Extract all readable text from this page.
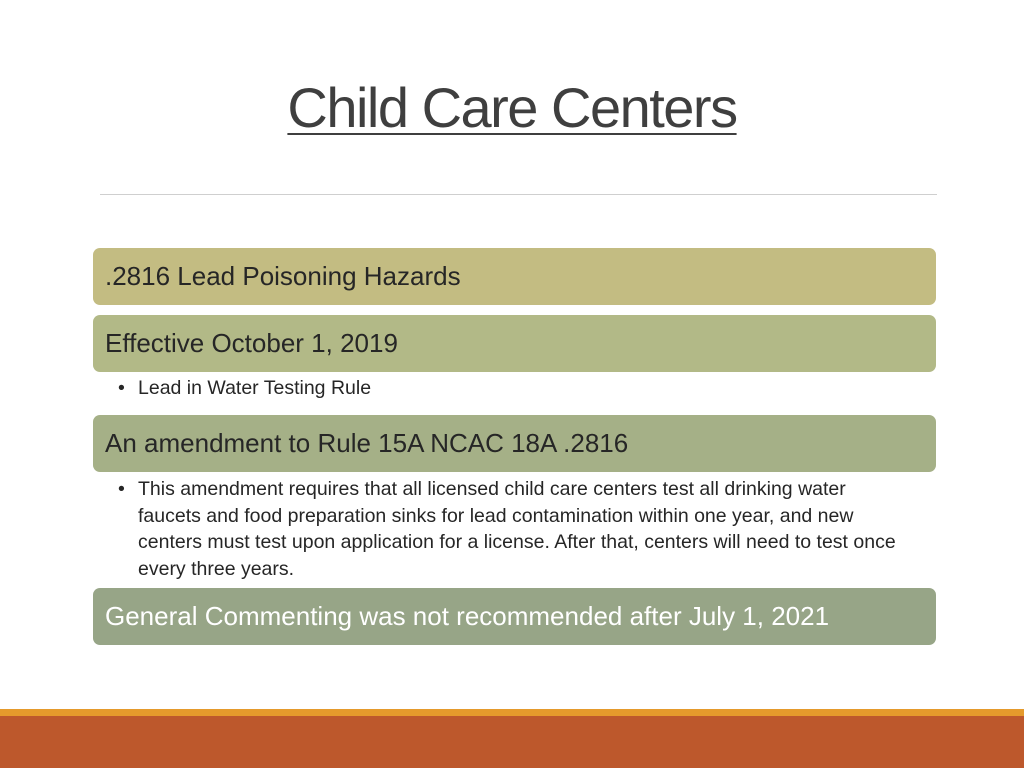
Child Care Centers
.2816 Lead Poisoning Hazards
Effective October 1, 2019
• Lead in Water Testing Rule
An amendment to Rule 15A NCAC 18A .2816
• This amendment requires that all licensed child care centers test all drinking water faucets and food preparation sinks for lead contamination within one year, and new centers must test upon application for a license. After that, centers will need to test once every three years.
General Commenting was not recommended after July 1, 2021
